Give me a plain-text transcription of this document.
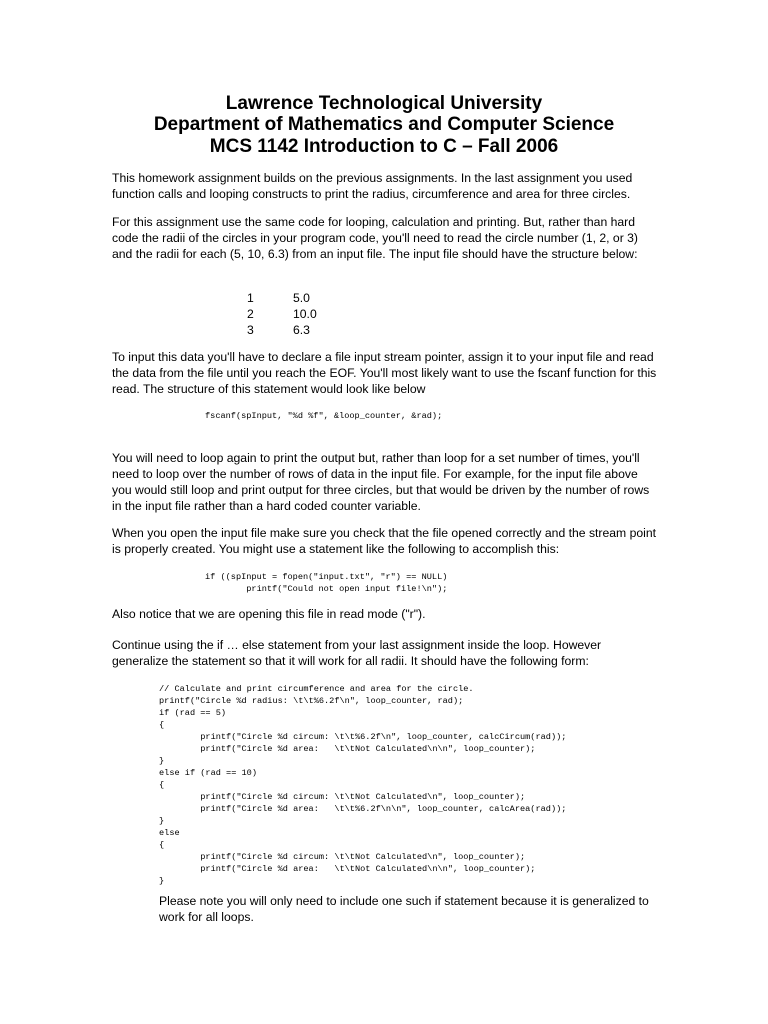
Lawrence Technological University
Department of Mathematics and Computer Science
MCS 1142 Introduction to C – Fall 2006

This homework assignment builds on the previous assignments. In the last assignment you used function calls and looping constructs to print the radius, circumference and area for three circles.

For this assignment use the same code for looping, calculation and printing. But, rather than hard code the radii of the circles in your program code, you'll need to read the circle number (1, 2, or 3) and the radii for each (5, 10, 6.3) from an input file. The input file should have the structure below:

1	5.0
2	10.0
3	6.3

To input this data you'll have to declare a file input stream pointer, assign it to your input file and read the data from the file until you reach the EOF. You'll most likely want to use the fscanf function for this read. The structure of this statement would look like below

fscanf(spInput, "%d %f", &loop_counter, &rad);

You will need to loop again to print the output but, rather than loop for a set number of times, you'll need to loop over the number of rows of data in the input file. For example, for the input file above you would still loop and print output for three circles, but that would be driven by the number of rows in the input file rather than a hard coded counter variable.

When you open the input file make sure you check that the file opened correctly and the stream point is properly created. You might use a statement like the following to accomplish this:

if ((spInput = fopen("input.txt", "r") == NULL)
printf("Could not open input file!\n");

Also notice that we are opening this file in read mode ("r").

Continue using the if … else statement from your last assignment inside the loop. However generalize the statement so that it will work for all radii. It should have the following form:

// Calculate and print circumference and area for the circle.
printf("Circle %d radius: \t\t%6.2f\n", loop_counter, rad);
if (rad == 5)
{
printf("Circle %d circum: \t\t%6.2f\n", loop_counter, calcCircum(rad));
printf("Circle %d area:   \t\tNot Calculated\n\n", loop_counter);
}
else if (rad == 10)
{
printf("Circle %d circum: \t\tNot Calculated\n", loop_counter);
printf("Circle %d area:   \t\t%6.2f\n\n", loop_counter, calcArea(rad));
}
else
{
printf("Circle %d circum: \t\tNot Calculated\n", loop_counter);
printf("Circle %d area:   \t\tNot Calculated\n\n", loop_counter);
}

Please note you will only need to include one such if statement because it is generalized to work for all loops.
